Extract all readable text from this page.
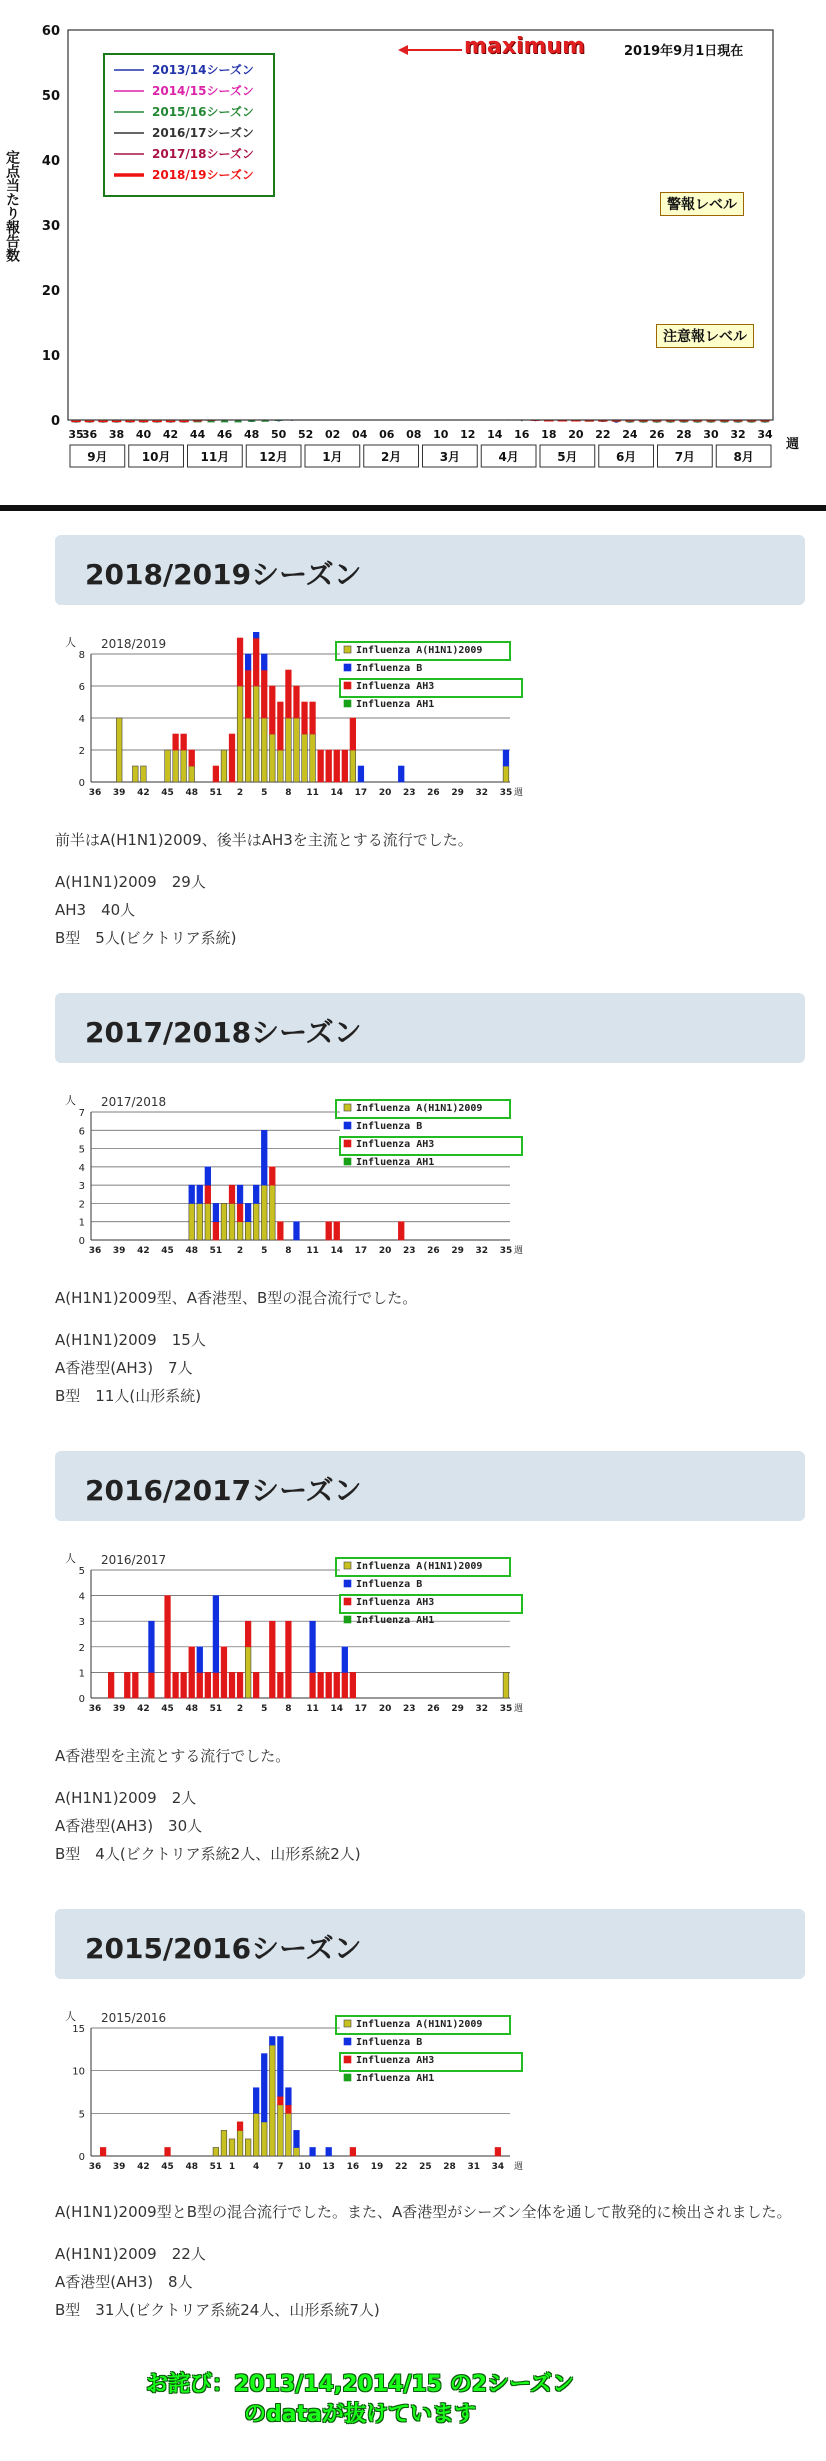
0
10
20
30
40
50
60
35
36 38 40 42 44 46 48 50 52 02 04 06 08 10 12 14 16 18 20 22 24 26 28 30 32 34
2013/14シーズン
2014/15シーズン
2015/16シーズン
2016/17シーズン
2017/18シーズン
2018/19シーズン
9月	10月	11月	12月	1月	2月	3月	4月	5月	6月	7月	8月
定点当たり報告数
maximum	2019年9月1日現在
警報レベル
注意報レベル
週
2018/2019シーズン
0
2
4
6
8
人
36 39 42 45 48 51 2 5 8 11 14 17 20 23 26 29 32 35 週
Influenza A(H1N1)2009
Influenza B
Influenza AH3
Influenza AH1
2018/2019

前半はA(H1N1)2009、後半はAH3を主流とする流行でした。

A(H1N1)2009　29人

AH3　40人

B型　5人(ビクトリア系統)

2017/2018シーズン
0
1
2
3
4
5
6
7
人
36 39 42 45 48 51 2 5 8 11 14 17 20 23 26 29 32 35 週
Influenza A(H1N1)2009
Influenza B
Influenza AH3
Influenza AH1
2017/2018

A(H1N1)2009型、A香港型、B型の混合流行でした。

A(H1N1)2009　15人

A香港型(AH3)　7人

B型　11人(山形系統)

2016/2017シーズン
0
1
2
3
4
5
人
36 39 42 45 48 51 2 5 8 11 14 17 20 23 26 29 32 35 週
Influenza A(H1N1)2009
Influenza B
Influenza AH3
Influenza AH1
2016/2017

A香港型を主流とする流行でした。

A(H1N1)2009　2人

A香港型(AH3)　30人

B型　4人(ビクトリア系統2人、山形系統2人)

2015/2016シーズン
0
5
10
15
人
36 39 42 45 48 51 1 4 7 10 13 16 19 22 25 28 31 34 週
Influenza A(H1N1)2009
Influenza B
Influenza AH3
Influenza AH1
2015/2016

A(H1N1)2009型とB型の混合流行でした。また、A香港型がシーズン全体を通して散発的に検出されました。

A(H1N1)2009　22人

A香港型(AH3)　8人

B型　31人(ビクトリア系統24人、山形系統7人)

お詫び：2013/14,2014/15 の2シーズン
のdataが抜けています
